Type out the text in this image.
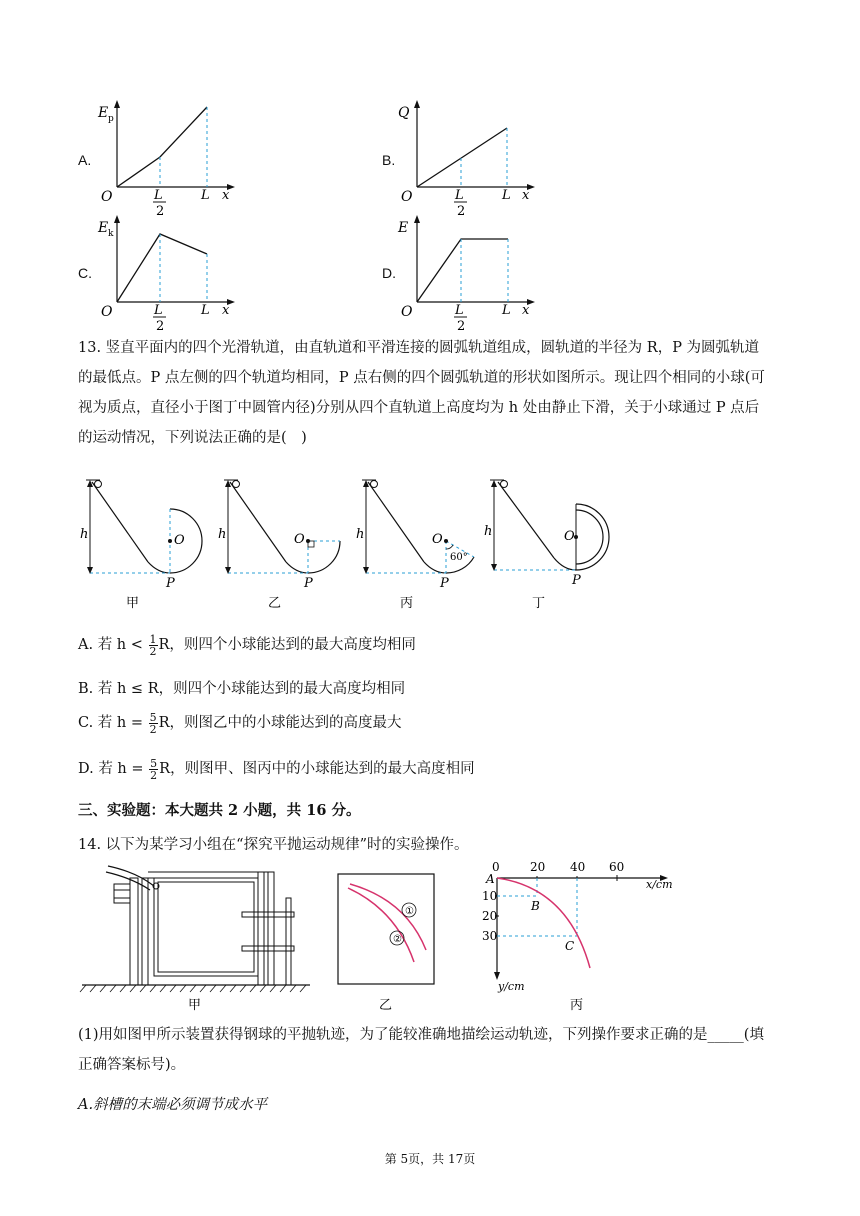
A.
E p
O	L
2
L x
B.
Q
O	L
2
L x
C.
E k
O	L
2
L x
D.
E
O	L
2
L x
13. 竖直平面内的四个光滑轨道，由直轨道和平滑连接的圆弧轨道组成，圆轨道的半径为 R，P 为圆弧轨道
的最低点。P 点左侧的四个轨道均相同，P 点右侧的四个圆弧轨道的形状如图所示。现让四个相同的小球(可
视为质点，直径小于图丁中圆管内径)分别从四个直轨道上高度均为 h 处由静止下滑，关于小球通过 P 点后
的运动情况，下列说法正确的是(　)
h	O
P
甲
h	O
P
乙
h	O
60°
P
丙
h	O
P
丁
A. 若 $h < \frac{1}{2}$ R，则四个小球能达到的最大高度均相同
B. 若 h ≤ R，则四个小球能达到的最大高度均相同
C. 若 $h = \frac{5}{2}$ R，则图乙中的小球能达到的高度最大
D. 若 $h = \frac{5}{2}$ R，则图甲、图丙中的小球能达到的最大高度相同
三、实验题：本大题共 2 小题，共 16 分。
14. 以下为某学习小组在“探究平抛运动规律”时的实验操作。
甲
①
②
乙
0	20 40 60
A
10
20
30
x/cm
y/cm
B
C
丙
(1)用如图甲所示装置获得钢球的平抛轨迹，为了能较准确地描绘运动轨迹，下列操作要求正确的是_____(填
正确答案标号)。
A.斜槽的末端必须调节成水平
第 5页，共 17页
